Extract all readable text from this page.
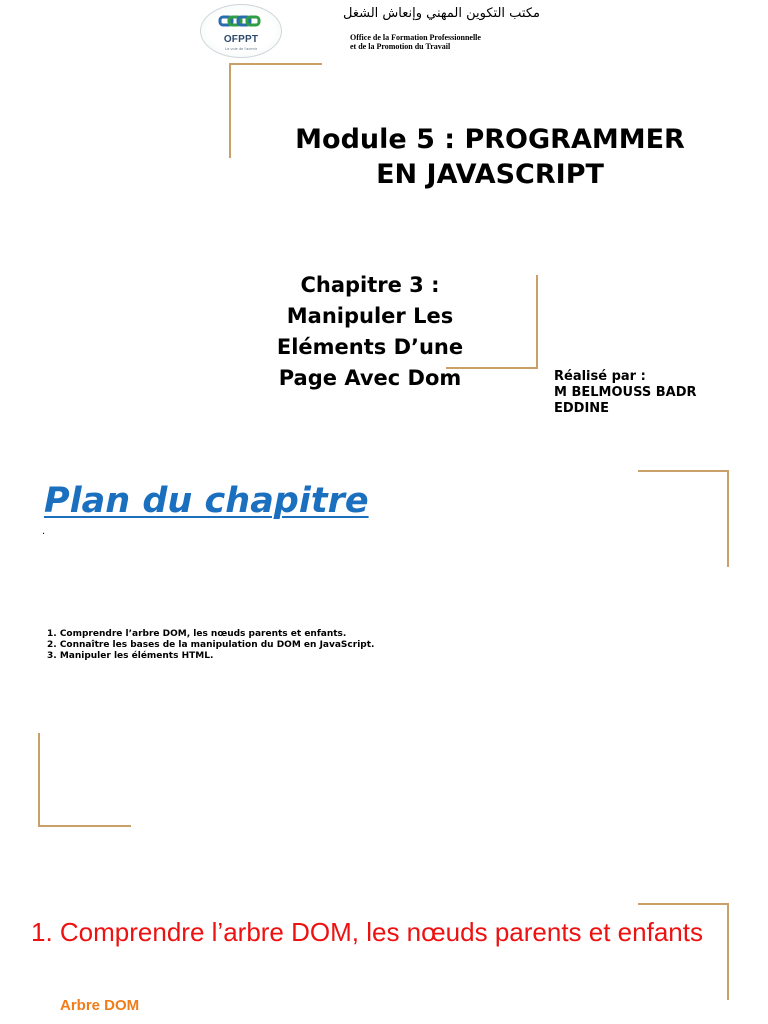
OFPPT
La voie de l'avenir
مكتب التكوين المهني وإنعاش الشغل
Office de la Formation Professionnelle
et de la Promotion du Travail
Module 5 : PROGRAMMER
EN JAVASCRIPT
Chapitre 3 :
Manipuler Les
Eléments D’une
Page Avec Dom	Réalisé par :
M BELMOUSS BADR
EDDINE
Plan du chapitre
.
1. Comprendre l’arbre DOM, les nœuds parents et enfants.
2. Connaître les bases de la manipulation du DOM en JavaScript.
3. Manipuler les éléments HTML.
1. Comprendre l’arbre DOM, les nœuds parents et enfants
Arbre DOM
